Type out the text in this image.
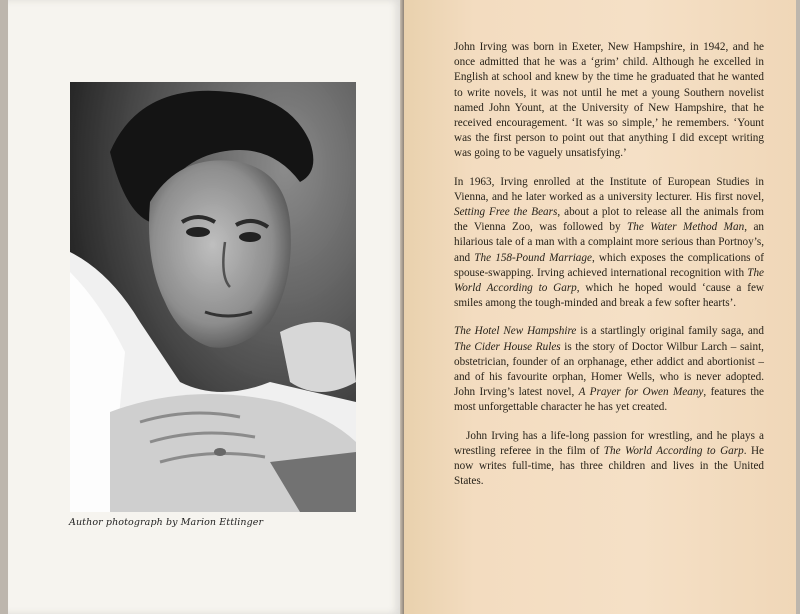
Author photograph by Marion Ettlinger

John Irving was born in Exeter, New Hampshire, in 1942, and he once admitted that he was a ‘grim’ child. Although he excelled in English at school and knew by the time he graduated that he wanted to write novels, it was not until he met a young Southern novelist named John Yount, at the University of New Hampshire, that he received encouragement. ‘It was so simple,’ he remembers. ‘Yount was the first person to point out that anything I did except writing was going to be vaguely unsatisfying.’

In 1963, Irving enrolled at the Institute of European Studies in Vienna, and he later worked as a university lecturer. His first novel, Setting Free the Bears, about a plot to release all the animals from the Vienna Zoo, was followed by The Water Method Man, an hilarious tale of a man with a complaint more serious than Portnoy’s, and The 158-Pound Marriage, which exposes the complications of spouse-swapping. Irving achieved international recognition with The World According to Garp, which he hoped would ‘cause a few smiles among the tough-minded and break a few softer hearts’.

The Hotel New Hampshire is a startlingly original family saga, and The Cider House Rules is the story of Doctor Wilbur Larch – saint, obstetrician, founder of an orphanage, ether addict and abortionist – and of his favourite orphan, Homer Wells, who is never adopted. John Irving’s latest novel, A Prayer for Owen Meany, features the most unforgettable character he has yet created.

John Irving has a life-long passion for wrestling, and he plays a wrestling referee in the film of The World According to Garp. He now writes full-time, has three children and lives in the United States.
